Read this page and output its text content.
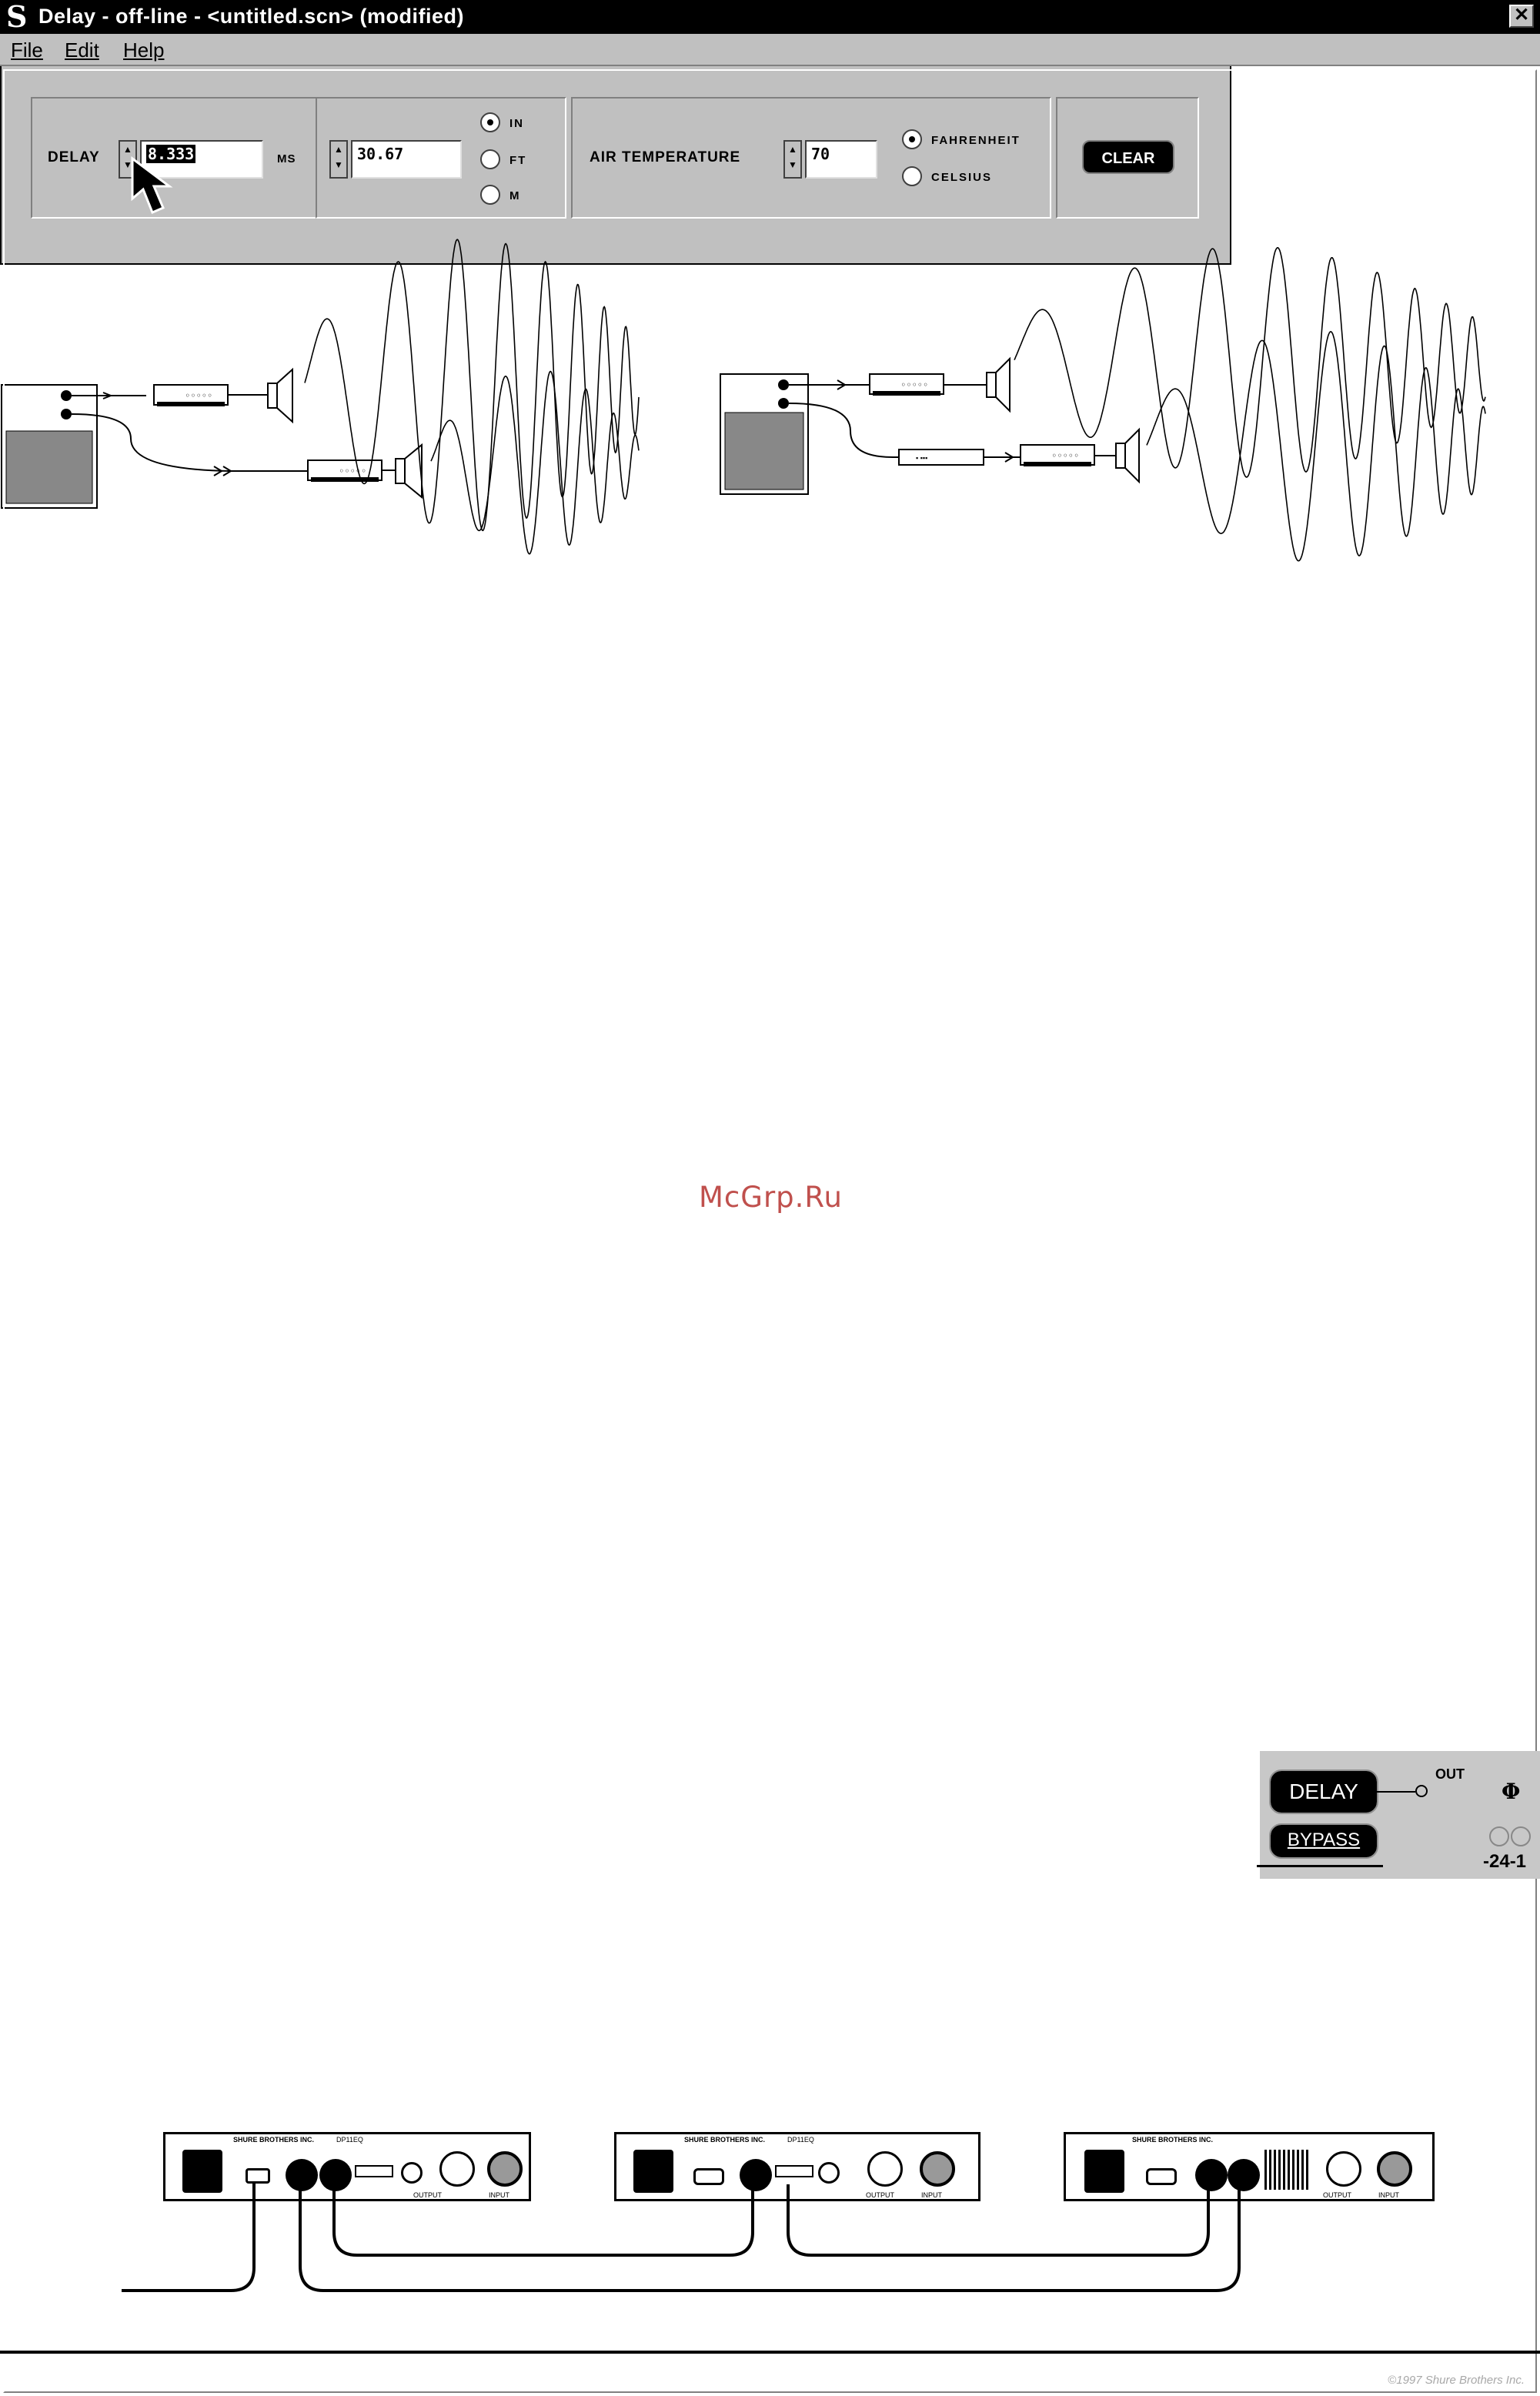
◦◦◦◦◦
◦◦◦◦◦
◦◦◦◦◦
▪ ▪▪▪	◦◦◦◦◦
S Delay - off-line - <untitled.scn> (modified)	✕
File Edit Help
DELAY	▲
▼
8.333	MS
▲
▼
30.67
IN
FT
M
AIR TEMPERATURE	▲
▼
70
FAHRENHEIT
CELSIUS
CLEAR
©1997 Shure Brothers Inc.
McGrp.Ru
DELAY
BYPASS
OUT
Φ
-24-1
SHURE BROTHERS INC.	DP11EQ
OUTPUT	INPUT
SHURE BROTHERS INC.	DP11EQ
OUTPUT	INPUT
SHURE BROTHERS INC.
OUTPUT	INPUT
